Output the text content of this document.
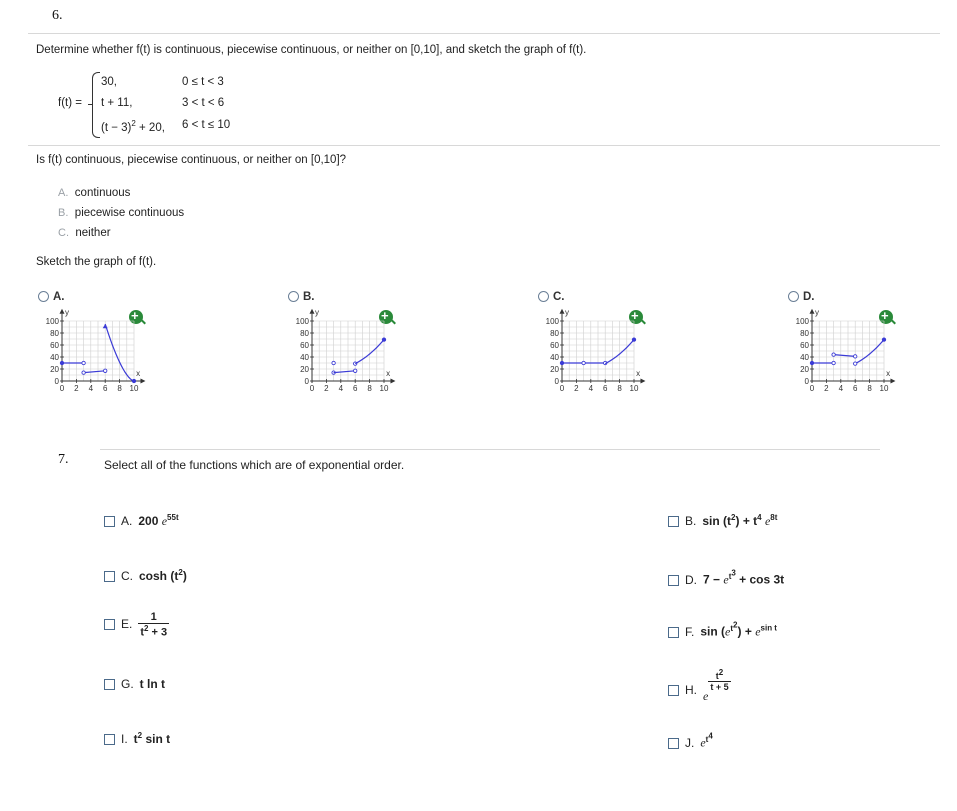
6.
Determine whether f(t) is continuous, piecewise continuous, or neither on [0,10], and sketch the graph of f(t).
f(t) =
30,	0 ≤ t < 3
t + 11,	3 < t < 6
$(t - 3)^2 + 20$, 6 < t ≤ 10
Is f(t) continuous, piecewise continuous, or neither on [0,10]?
A. continuous
B. piecewise continuous
C. neither
Sketch the graph of f(t).
A.
+
100
80
60
40
20
0
0 2 4 6 8 10
y
x
B.
+
100
80
60
40
20
0
0 2 4 6 8 10
y
x
C.
+
100
80
60
40
20
0
0 2 4 6 8 10
y
x
D.
+
100
80
60
40
20
0
0 2 4 6 8 10
y
x
7.	Select all of the functions which are of exponential order.
A. 200 $e^{55t}$	B. $\sin (t^2) + t^4$ $e^{8t}$
C. $\cosh (t^2)$	D. $7 - e^{t^3} + \cos 3t$
E. $\frac{1}{t^2 + 3}$	F. $\sin (e^{t^2}) + e^{sin t}$
G. t ln t	H. e
$\frac{t^2}{t + 5}$
I. $t^2$ sin t	J. $e^{t^4}$
